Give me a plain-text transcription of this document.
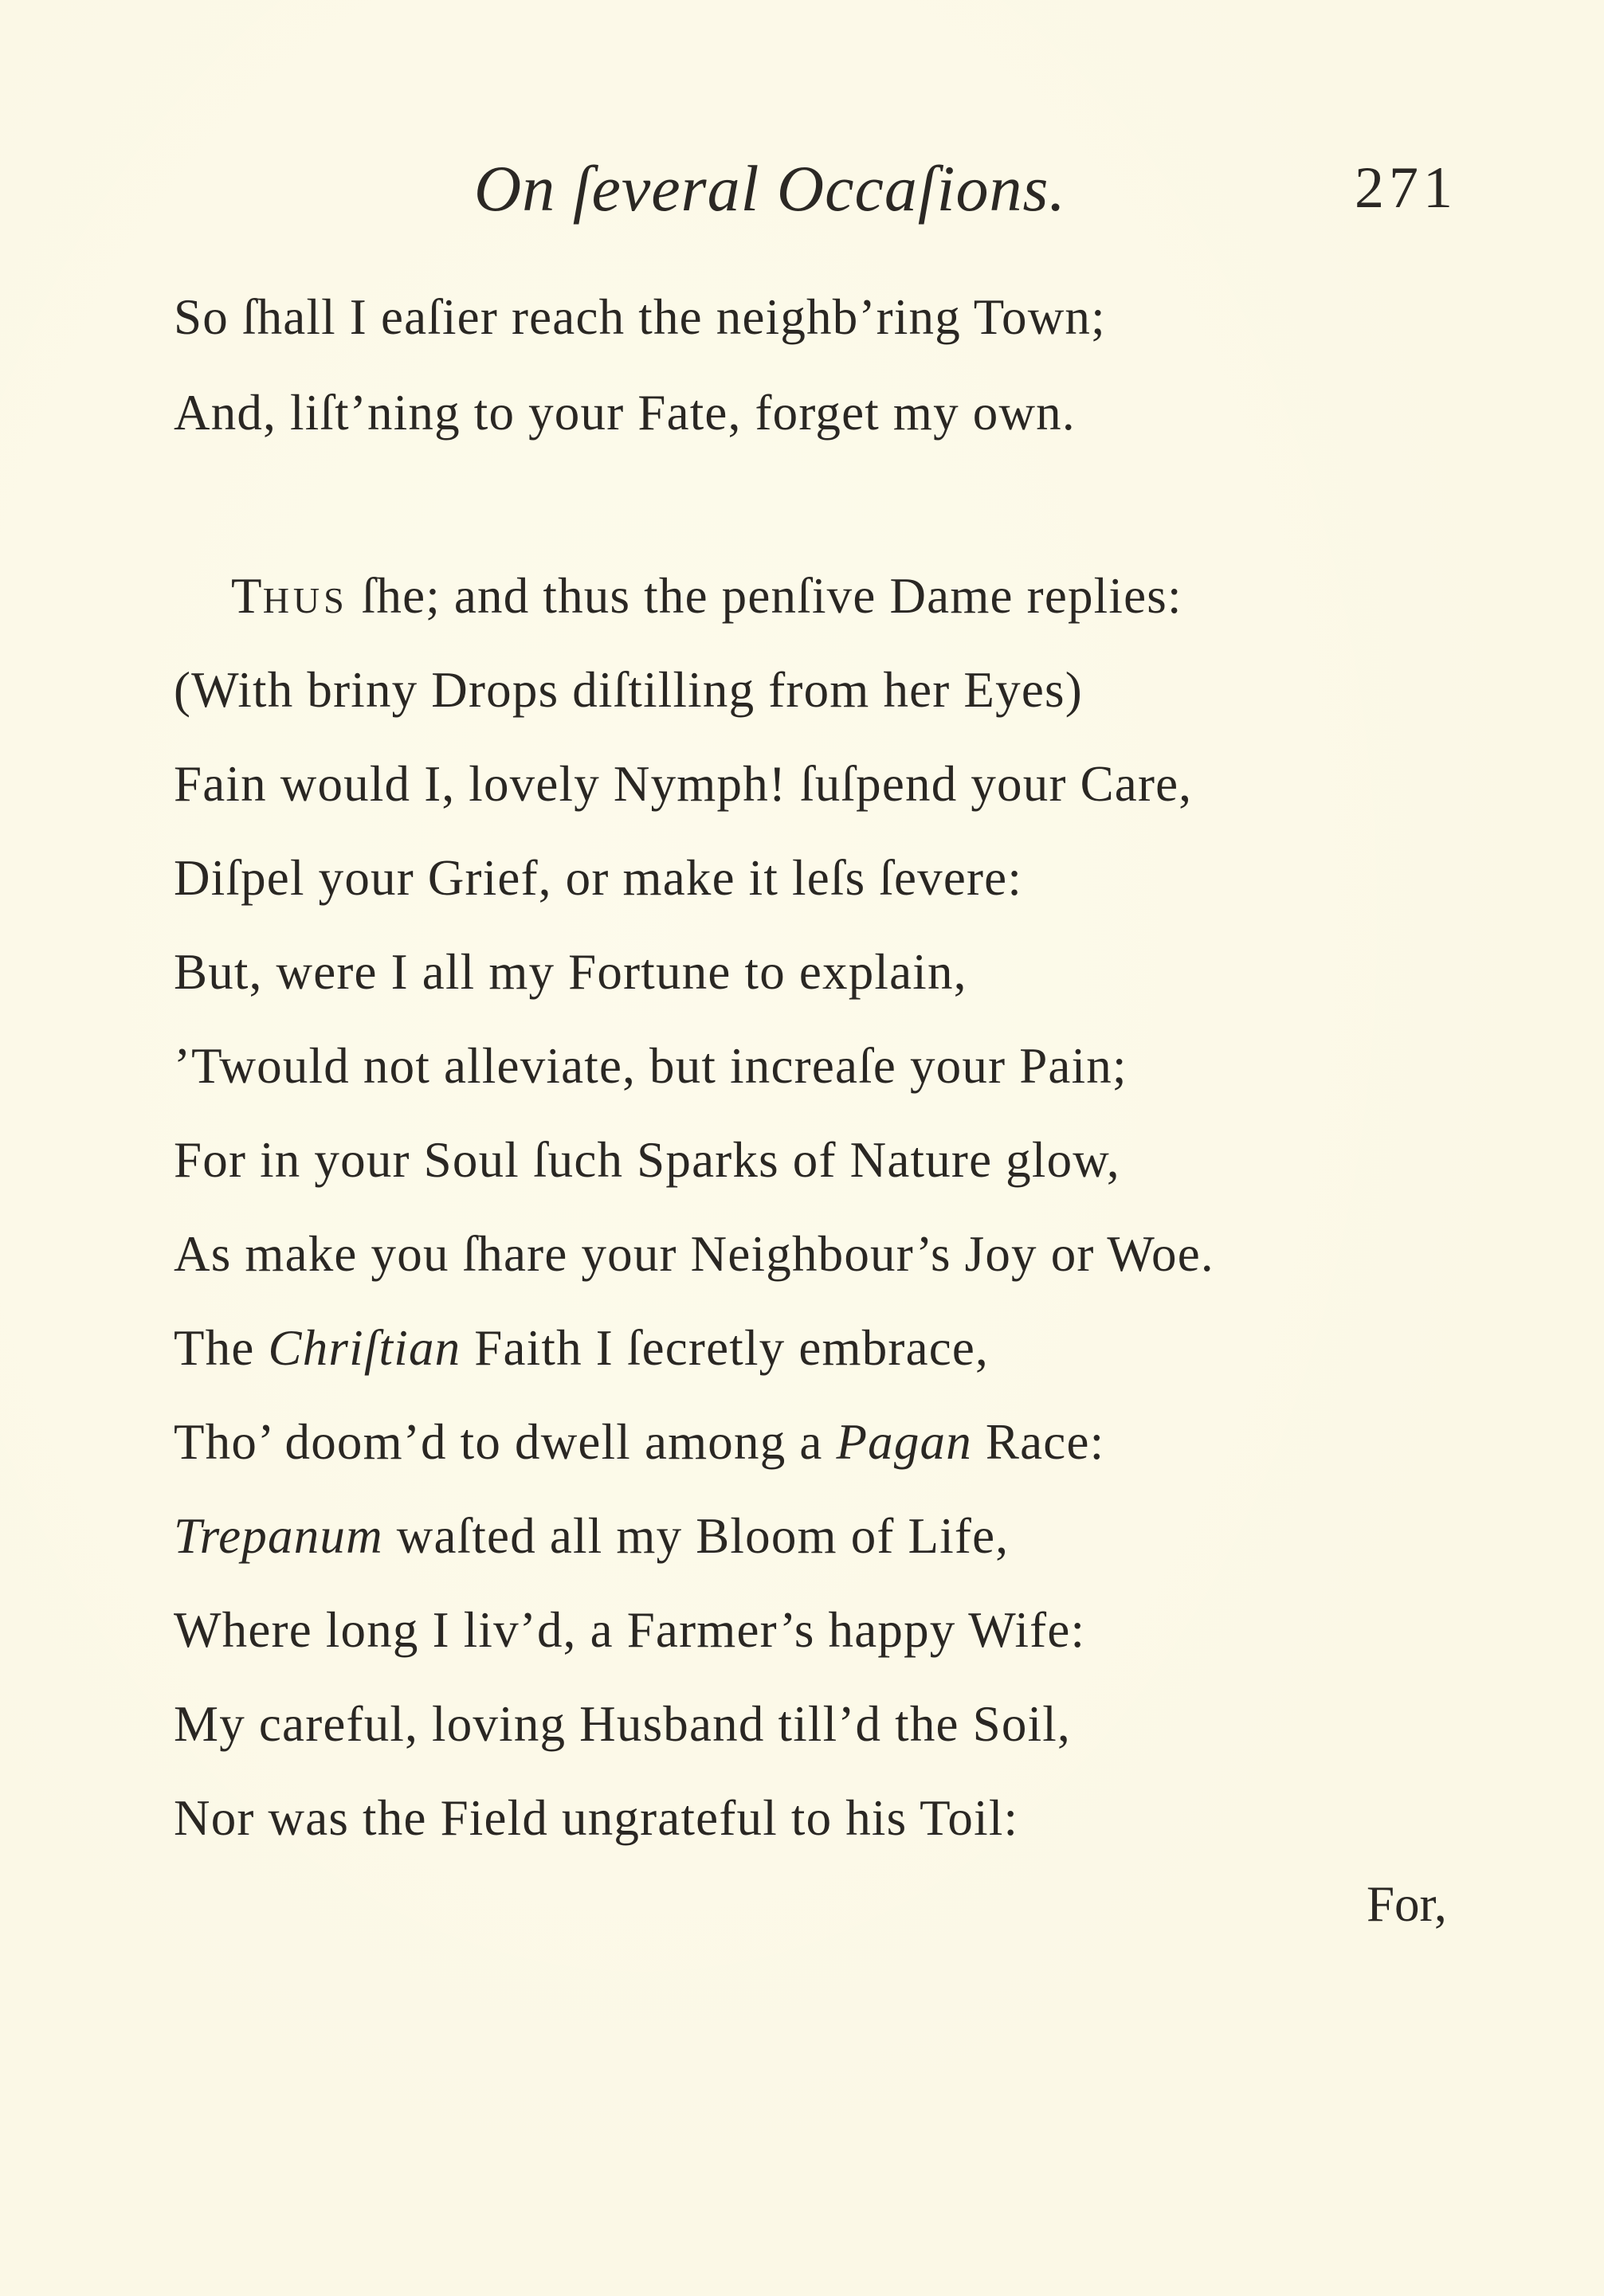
On ſeveral Occaſions.	271
So ſhall I eaſier reach the neighb’ring Town;
And, liſt’ning to your Fate, forget my own.
THUS ſhe; and thus the penſive Dame replies:
(With briny Drops diſtilling from her Eyes)
Fain would I, lovely Nymph! ſuſpend your Care,
Diſpel your Grief, or make it leſs ſevere:
But, were I all my Fortune to explain,
’Twould not alleviate, but increaſe your Pain;
For in your Soul ſuch Sparks of Nature glow,
As make you ſhare your Neighbour’s Joy or Woe.
The Chriſtian Faith I ſecretly embrace,
Tho’ doom’d to dwell among a Pagan Race:
Trepanum waſted all my Bloom of Life,
Where long I liv’d, a Farmer’s happy Wife:
My careful, loving Husband till’d the Soil,
Nor was the Field ungrateful to his Toil:
For,
